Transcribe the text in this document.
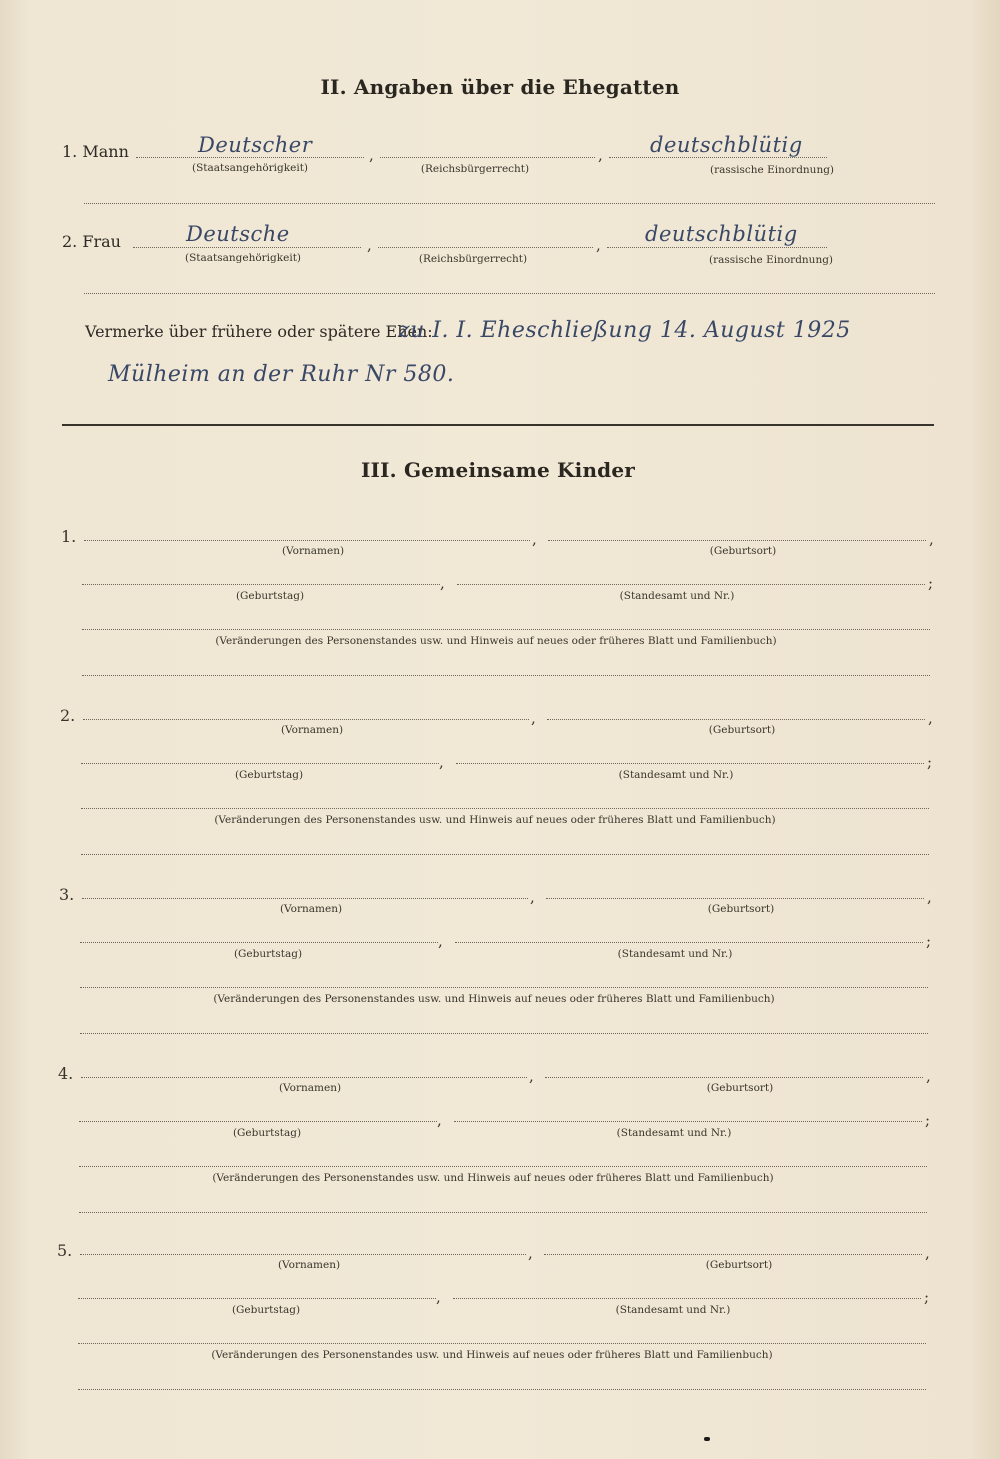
II. Angaben über die Ehegatten
1. Mann	Deutscher	,	, deutschblütig
(Staatsangehörigkeit)	(Reichsbürgerrecht)	(rassische Einordnung)
2. Frau	Deutsche	,	, deutschblütig
(Staatsangehörigkeit)	(Reichsbürgerrecht)	(rassische Einordnung)
Vermerke über frühere oder spätere Ehen:
zu I. I. Eheschließung 14. August 1925
Mülheim an der Ruhr Nr 580.
III. Gemeinsame Kinder
1.	,	,
(Vornamen)	(Geburtsort)
,	;
(Geburtstag)	(Standesamt und Nr.)
(Veränderungen des Personenstandes usw. und Hinweis auf neues oder früheres Blatt und Familienbuch)
2.	,	,
(Vornamen)	(Geburtsort)
,	;
(Geburtstag)	(Standesamt und Nr.)
(Veränderungen des Personenstandes usw. und Hinweis auf neues oder früheres Blatt und Familienbuch)
3.	,	,
(Vornamen)	(Geburtsort)
,	;
(Geburtstag)	(Standesamt und Nr.)
(Veränderungen des Personenstandes usw. und Hinweis auf neues oder früheres Blatt und Familienbuch)
4.	,	,
(Vornamen)	(Geburtsort)
,	;
(Geburtstag)	(Standesamt und Nr.)
(Veränderungen des Personenstandes usw. und Hinweis auf neues oder früheres Blatt und Familienbuch)
5.	,	,
(Vornamen)	(Geburtsort)
,	;
(Geburtstag)	(Standesamt und Nr.)
(Veränderungen des Personenstandes usw. und Hinweis auf neues oder früheres Blatt und Familienbuch)
